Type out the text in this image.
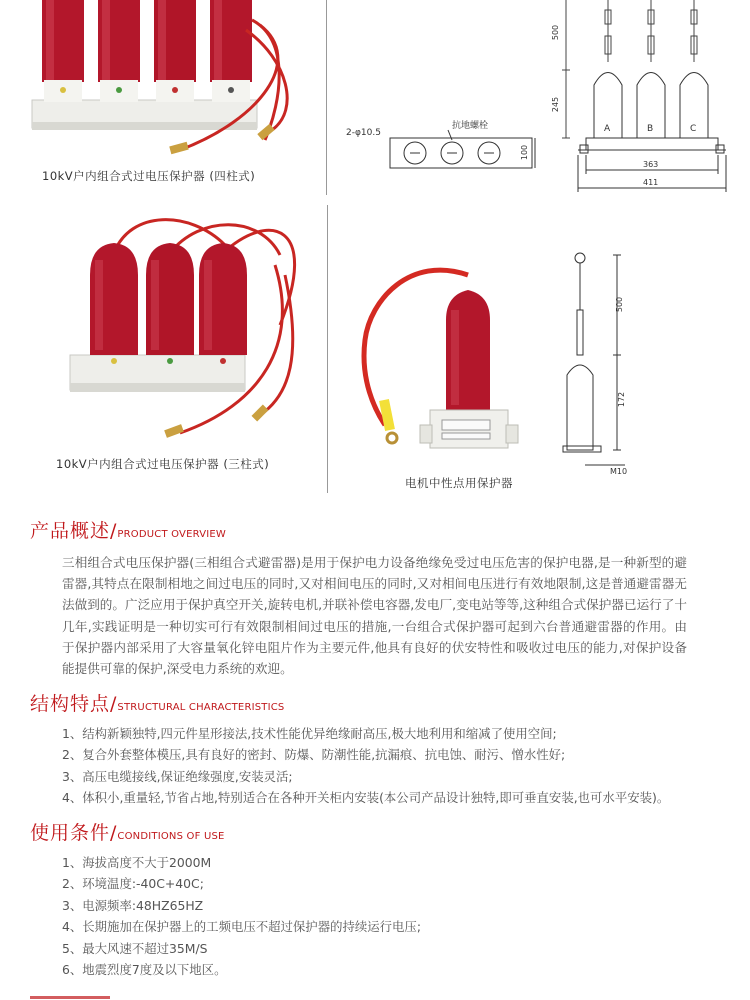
10kV户内组合式过电压保护器 (四柱式)
2-φ10.5
抗地螺栓
100
500
245
A	B	C
363
411
10kV户内组合式过电压保护器 (三柱式)
电机中性点用保护器
500
172
M10
产品概述/PRODUCT OVERVIEW
三相组合式电压保护器(三相组合式避雷器)是用于保护电力设备绝缘免受过电压危害的保护电器,是一种新型的避雷器,其特点在限制相地之间过电压的同时,又对相间电压的同时,又对相间电压进行有效地限制,这是普通避雷器无法做到的。广泛应用于保护真空开关,旋转电机,并联补偿电容器,发电厂,变电站等等,这种组合式保护器已运行了十几年,实践证明是一种切实可行有效限制相间过电压的措施,一台组合式保护器可起到六台普通避雷器的作用。由于保护器内部采用了大容量氧化锌电阻片作为主要元件,他具有良好的伏安特性和吸收过电压的能力,对保护设备能提供可靠的保护,深受电力系统的欢迎。
结构特点/STRUCTURAL CHARACTERISTICS
1、结构新颖独特,四元件星形接法,技术性能优异绝缘耐高压,极大地利用和缩减了使用空间;
2、复合外套整体模压,具有良好的密封、防爆、防潮性能,抗漏痕、抗电蚀、耐污、憎水性好;
3、高压电缆接线,保证绝缘强度,安装灵活;
4、体积小,重量轻,节省占地,特别适合在各种开关柜内安装(本公司产品设计独特,即可垂直安装,也可水平安装)。
使用条件/CONDITIONS OF USE
1、海拔高度不大于2000M
2、环境温度:-40C+40C;
3、电源频率:48HZ65HZ
4、长期施加在保护器上的工频电压不超过保护器的持续运行电压;
5、最大风速不超过35M/S
6、地震烈度7度及以下地区。
